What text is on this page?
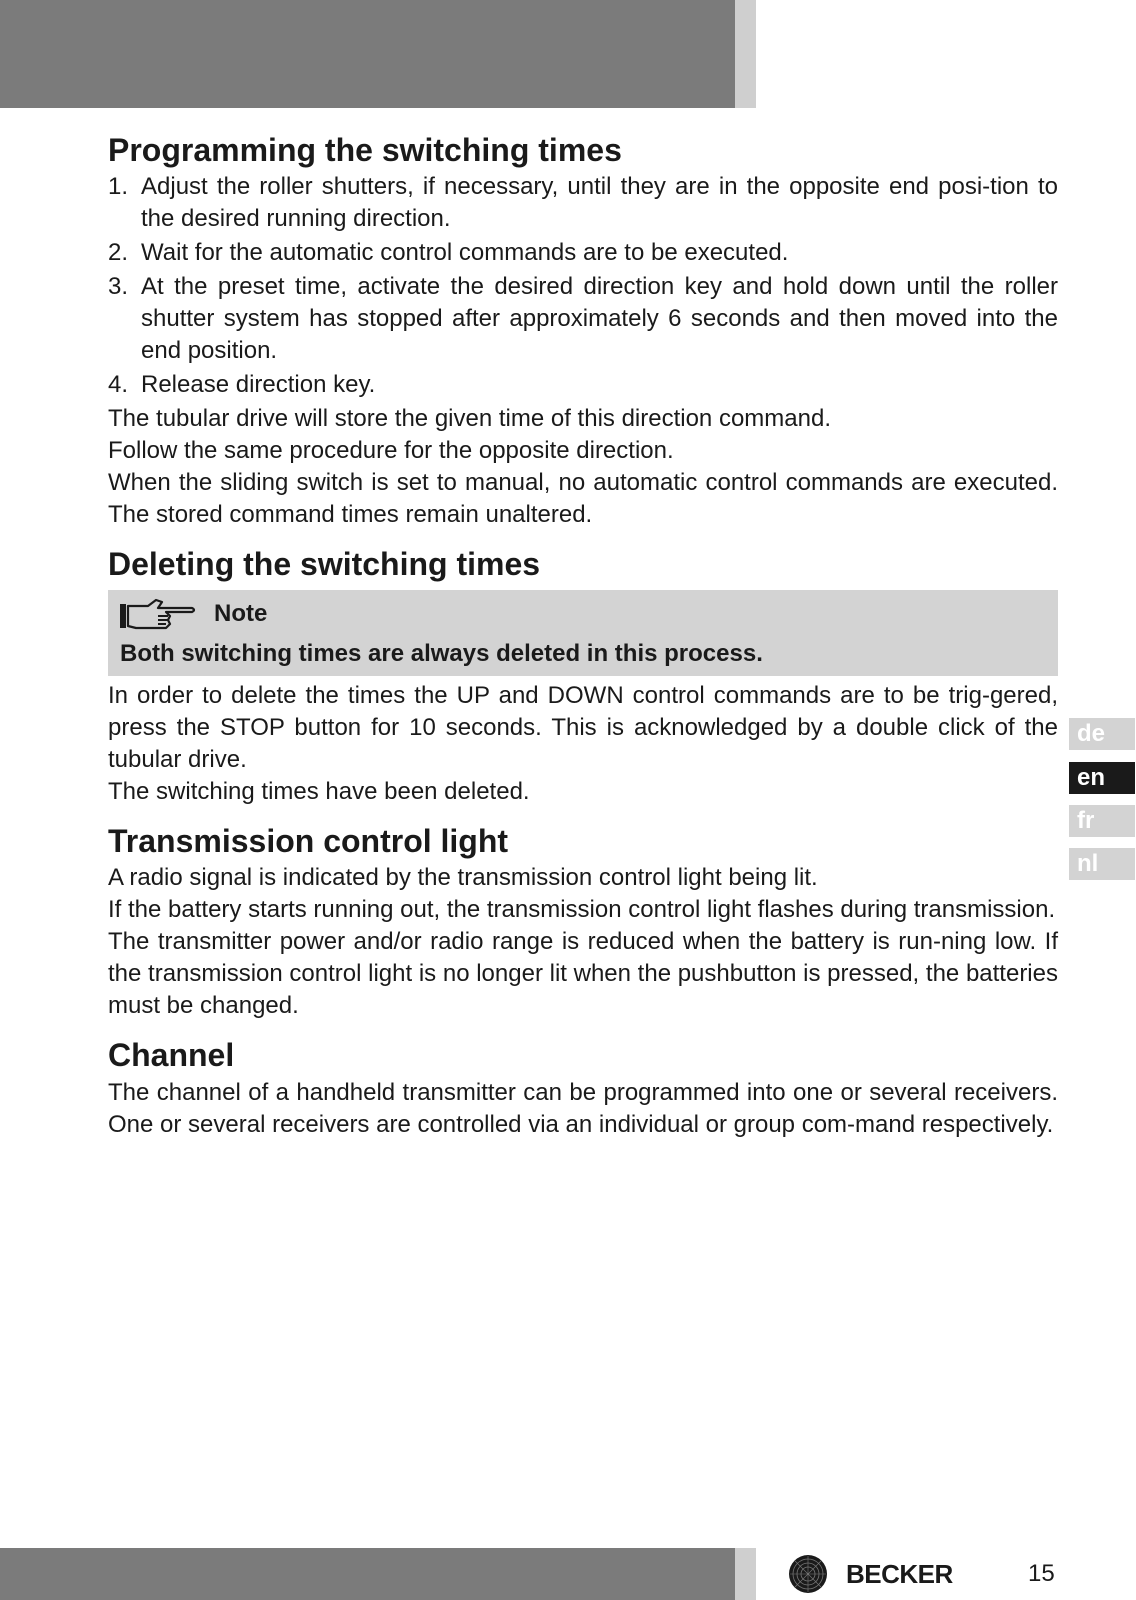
Programming the switching times
1. Adjust the roller shutters, if necessary, until they are in the opposite end posi-tion to the desired running direction.
2. Wait for the automatic control commands are to be executed.
3. At the preset time, activate the desired direction key and hold down until the roller shutter system has stopped after approximately 6 seconds and then moved into the end position.
4. Release direction key.

The tubular drive will store the given time of this direction command.

Follow the same procedure for the opposite direction.

When the sliding switch is set to manual, no automatic control commands are executed. The stored command times remain unaltered.

Deleting the switching times
Note
Both switching times are always deleted in this process.

In order to delete the times the UP and DOWN control commands are to be trig-gered, press the STOP button for 10 seconds. This is acknowledged by a double click of the tubular drive.

The switching times have been deleted.

Transmission control light

A radio signal is indicated by the transmission control light being lit.

If the battery starts running out, the transmission control light flashes during transmission.

The transmitter power and/or radio range is reduced when the battery is run-ning low. If the transmission control light is no longer lit when the pushbutton is pressed, the batteries must be changed.

Channel

The channel of a handheld transmitter can be programmed into one or several receivers. One or several receivers are controlled via an individual or group com-mand respectively.

de
en
fr
nl
BECKER	15
